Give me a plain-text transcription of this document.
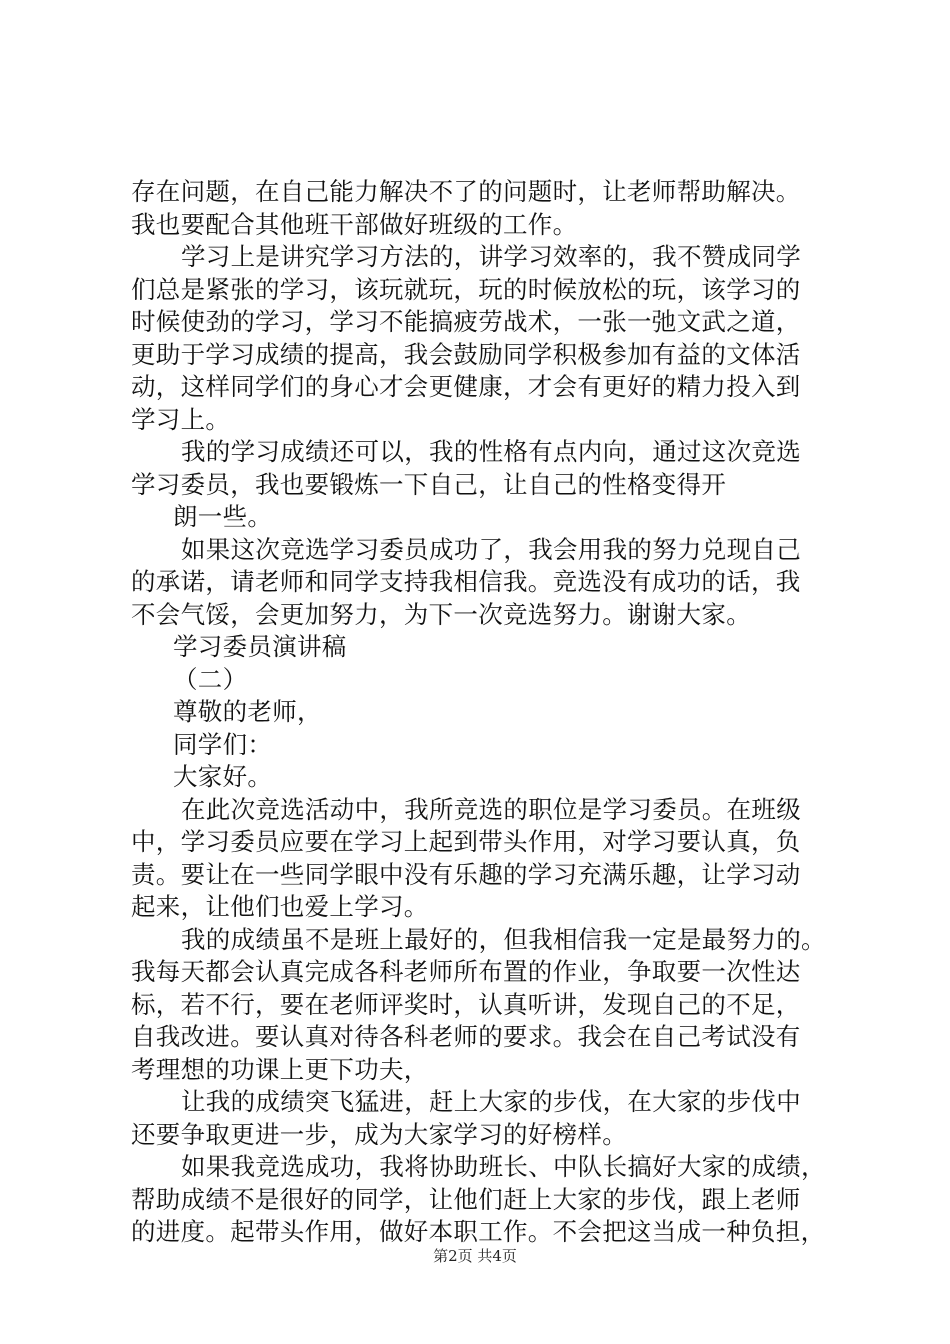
存在问题，在自己能力解决不了的问题时，让老师帮助解决。
我也要配合其他班干部做好班级的工作。
学习上是讲究学习方法的，讲学习效率的，我不赞成同学
们总是紧张的学习，该玩就玩，玩的时候放松的玩，该学习的
时候使劲的学习，学习不能搞疲劳战术，一张一弛文武之道，
更助于学习成绩的提高，我会鼓励同学积极参加有益的文体活
动，这样同学们的身心才会更健康，才会有更好的精力投入到
学习上。
我的学习成绩还可以，我的性格有点内向，通过这次竞选
学习委员，我也要锻炼一下自己，让自己的性格变得开
朗一些。
如果这次竞选学习委员成功了，我会用我的努力兑现自己
的承诺，请老师和同学支持我相信我。竞选没有成功的话，我
不会气馁，会更加努力，为下一次竞选努力。谢谢大家。
学习委员演讲稿
（二）
尊敬的老师，
同学们：
大家好。
在此次竞选活动中，我所竞选的职位是学习委员。在班级
中，学习委员应要在学习上起到带头作用，对学习要认真，负
责。要让在一些同学眼中没有乐趣的学习充满乐趣，让学习动
起来，让他们也爱上学习。
我的成绩虽不是班上最好的，但我相信我一定是最努力的。
我每天都会认真完成各科老师所布置的作业，争取要一次性达
标，若不行，要在老师评奖时，认真听讲，发现自己的不足，
自我改进。要认真对待各科老师的要求。我会在自己考试没有
考理想的功课上更下功夫，
让我的成绩突飞猛进，赶上大家的步伐，在大家的步伐中
还要争取更进一步，成为大家学习的好榜样。
如果我竞选成功，我将协助班长、中队长搞好大家的成绩，
帮助成绩不是很好的同学，让他们赶上大家的步伐，跟上老师
的进度。起带头作用，做好本职工作。不会把这当成一种负担，
第2页 共4页
